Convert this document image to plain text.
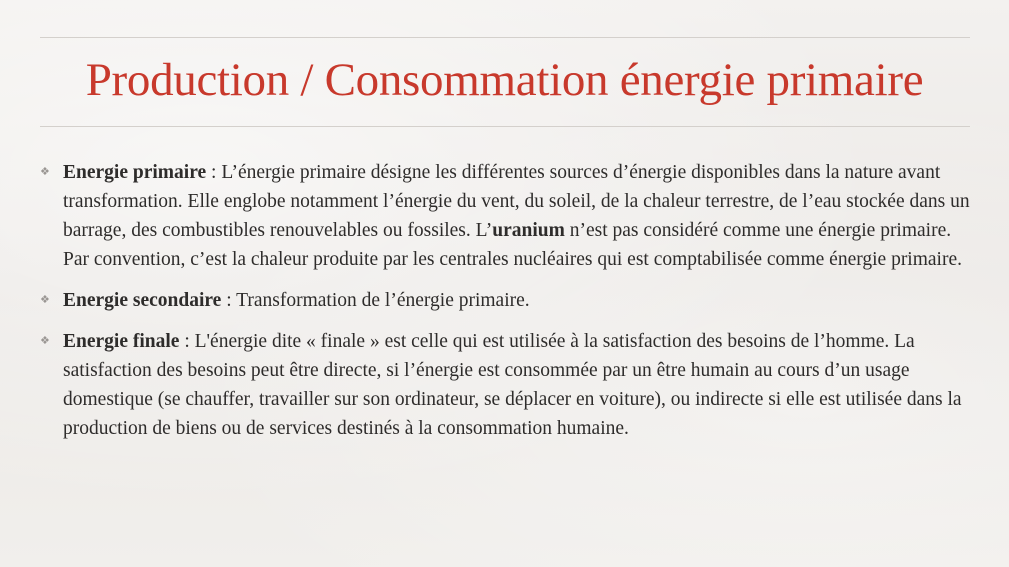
Production / Consommation énergie primaire
❖ Energie primaire : L’énergie primaire désigne les différentes sources d’énergie disponibles dans la nature avant transformation. Elle englobe notamment l’énergie du vent, du soleil, de la chaleur terrestre, de l’eau stockée dans un barrage, des combustibles renouvelables ou fossiles. L’uranium n’est pas considéré comme une énergie primaire. Par convention, c’est la chaleur produite par les centrales nucléaires qui est comptabilisée comme énergie primaire.
❖ Energie secondaire : Transformation de l’énergie primaire.
❖ Energie finale : L'énergie dite « finale » est celle qui est utilisée à la satisfaction des besoins de l’homme. La satisfaction des besoins peut être directe, si l’énergie est consommée par un être humain au cours d’un usage domestique (se chauffer, travailler sur son ordinateur, se déplacer en voiture), ou indirecte si elle est utilisée dans la production de biens ou de services destinés à la consommation humaine.
